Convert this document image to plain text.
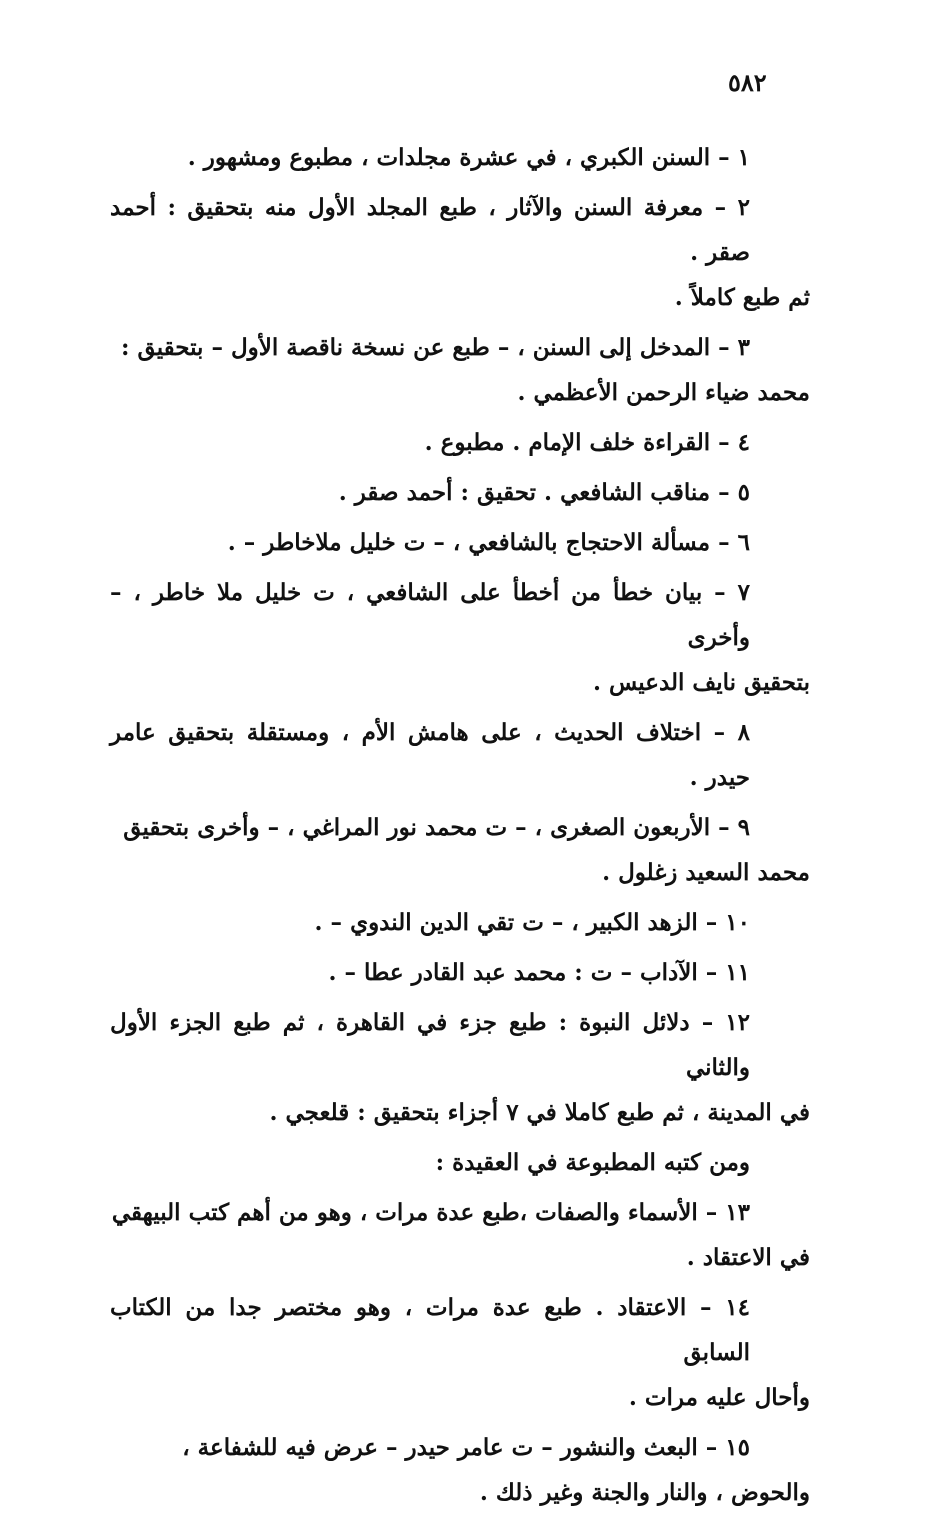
٥٨٢
١ – السنن الكبري ، في عشرة مجلدات ، مطبوع ومشهور .
٢ – معرفة السنن والآثار ، طبع المجلد الأول منه بتحقيق : أحمد صقر .
ثم طبع كاملاً .
٣ – المدخل إلى السنن ، – طبع عن نسخة ناقصة الأول – بتحقيق :
محمد ضياء الرحمن الأعظمي .
٤ – القراءة خلف الإمام . مطبوع .
٥ – مناقب الشافعي . تحقيق : أحمد صقر .
٦ – مسألة الاحتجاج بالشافعي ، – ت خليل ملاخاطر – .
٧ – بيان خطأ من أخطأ على الشافعي ، ت خليل ملا خاطر ، – وأخرى
بتحقيق نايف الدعيس .
٨ – اختلاف الحديث ، على هامش الأم ، ومستقلة بتحقيق عامر حيدر .
٩ – الأربعون الصغرى ، – ت محمد نور المراغي ، – وأخرى بتحقيق
محمد السعيد زغلول .
١٠ – الزهد الكبير ، – ت تقي الدين الندوي – .
١١ – الآداب – ت : محمد عبد القادر عطا – .
١٢ – دلائل النبوة : طبع جزء في القاهرة ، ثم طبع الجزء الأول والثاني
في المدينة ، ثم طبع كاملا في ٧ أجزاء بتحقيق : قلعجي .
ومن كتبه المطبوعة في العقيدة :
١٣ – الأسماء والصفات ،طبع عدة مرات ، وهو من أهم كتب البيهقي
في الاعتقاد .
١٤ – الاعتقاد . طبع عدة مرات ، وهو مختصر جدا من الكتاب السابق
وأحال عليه مرات .
١٥ – البعث والنشور – ت عامر حيدر – عرض فيه للشفاعة ،
والحوض ، والنار والجنة وغير ذلك .
